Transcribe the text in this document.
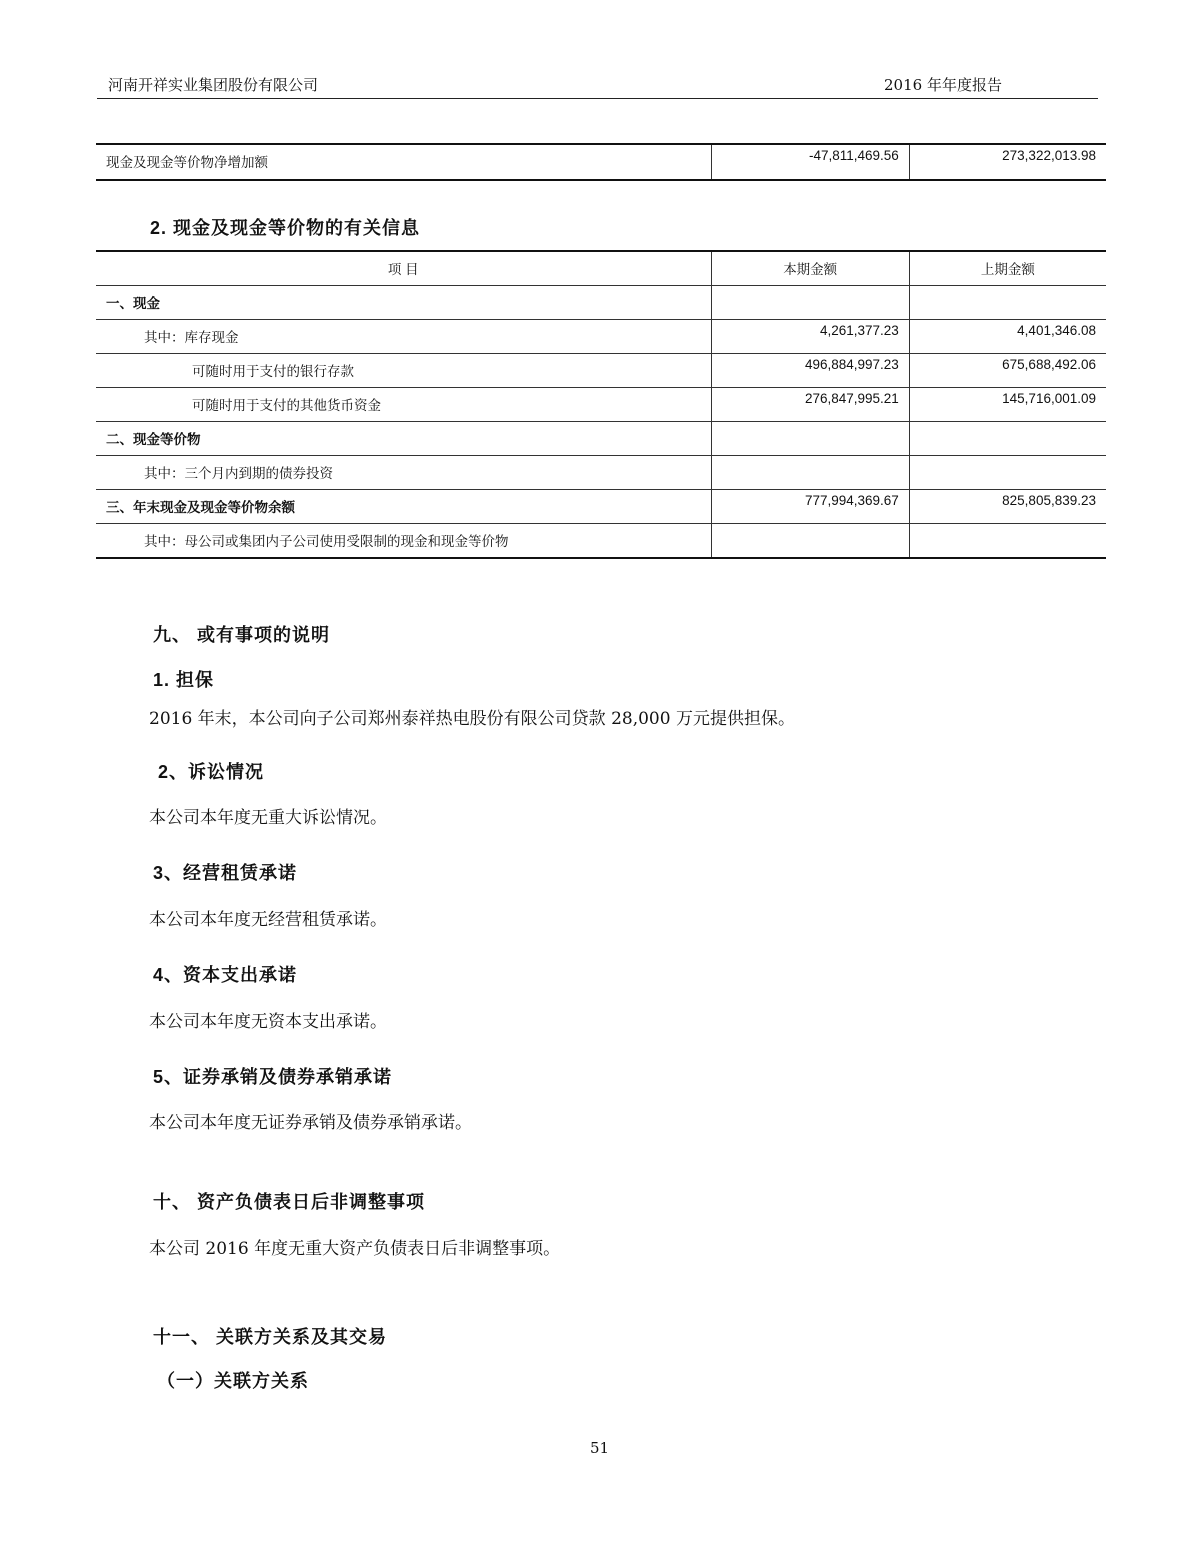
河南开祥实业集团股份有限公司	2016 年年度报告
现金及现金等价物净增加额	-47,811,469.56	273,322,013.98
2. 现金及现金等价物的有关信息
项 目	本期金额	上期金额

一、现金		

其中：库存现金	4,261,377.23	4,401,346.08

可随时用于支付的银行存款	496,884,997.23	675,688,492.06

可随时用于支付的其他货币资金	276,847,995.21	145,716,001.09

二、现金等价物		

其中：三个月内到期的债券投资		

三、年末现金及现金等价物余额	777,994,369.67	825,805,839.23

其中：母公司或集团内子公司使用受限制的现金和现金等价物		

九、 或有事项的说明
1. 担保
2016 年末，本公司向子公司郑州泰祥热电股份有限公司贷款 28,000 万元提供担保。
2、诉讼情况
本公司本年度无重大诉讼情况。
3、经营租赁承诺
本公司本年度无经营租赁承诺。
4、资本支出承诺
本公司本年度无资本支出承诺。
5、证券承销及债券承销承诺
本公司本年度无证券承销及债券承销承诺。
十、 资产负债表日后非调整事项
本公司 2016 年度无重大资产负债表日后非调整事项。
十一、 关联方关系及其交易
（一）关联方关系
51
